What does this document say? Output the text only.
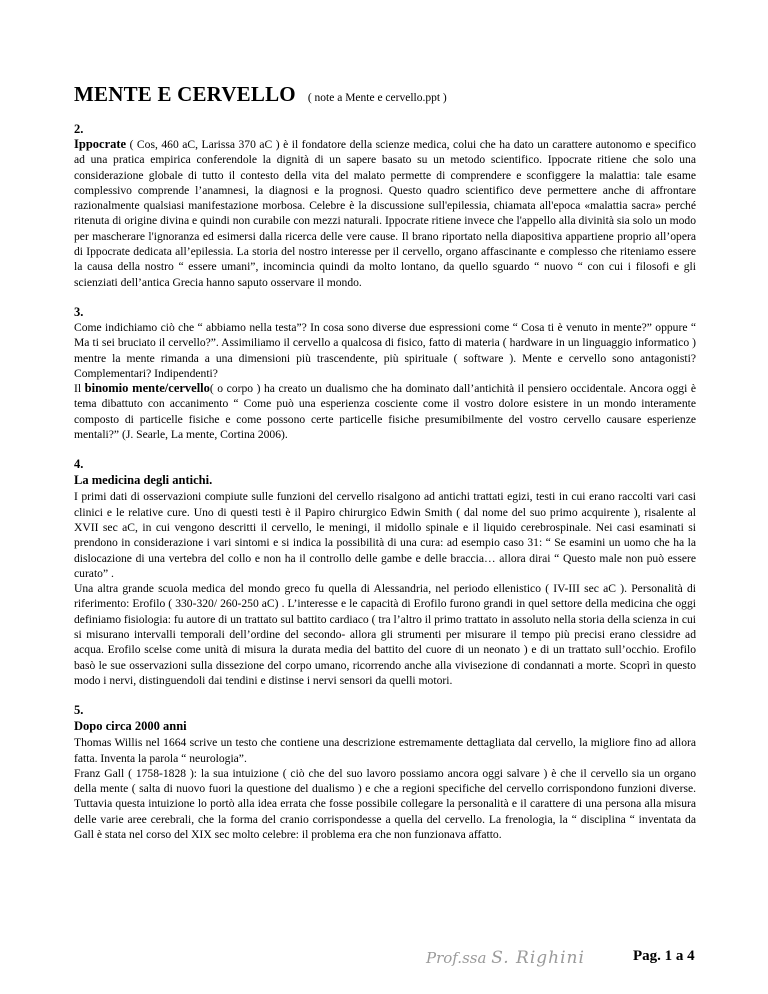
MENTE E CERVELLO ( note a Mente e cervello.ppt )

2.

Ippocrate ( Cos, 460 aC, Larissa 370 aC ) è il fondatore della scienze medica, colui che ha dato un carattere autonomo e specifico ad una pratica empirica conferendole la dignità di un sapere basato su un metodo scientifico. Ippocrate ritiene che solo una considerazione globale di tutto il contesto della vita del malato permette di comprendere e sconfiggere la malattia: tale esame complessivo comprende l’anamnesi, la diagnosi e la prognosi. Questo quadro scientifico deve permettere anche di affrontare razionalmente qualsiasi manifestazione morbosa. Celebre è la discussione sull'epilessia, chiamata all'epoca «malattia sacra» perché ritenuta di origine divina e quindi non curabile con mezzi naturali. Ippocrate ritiene invece che l'appello alla divinità sia solo un modo per mascherare l'ignoranza ed esimersi dalla ricerca delle vere cause. Il brano riportato nella diapositiva appartiene proprio all’opera di Ippocrate dedicata all’epilessia. La storia del nostro interesse per il cervello, organo affascinante e complesso che riteniamo essere la causa della nostro “ essere umani”, incomincia quindi da molto lontano, da quello sguardo “ nuovo “ con cui i filosofi e gli scienziati dell’antica Grecia hanno saputo osservare il mondo.

3.

Come indichiamo ciò che “ abbiamo nella testa”? In cosa sono diverse due espressioni come “ Cosa ti è venuto in mente?” oppure “ Ma ti sei bruciato il cervello?”. Assimiliamo il cervello a qualcosa di fisico, fatto di materia ( hardware in un linguaggio informatico ) mentre la mente rimanda a una dimensioni più trascendente, più spirituale ( software ). Mente e cervello sono antagonisti? Complementari? Indipendenti?

Il binomio mente/cervello( o corpo ) ha creato un dualismo che ha dominato dall’antichità il pensiero occidentale. Ancora oggi è tema dibattuto con accanimento “ Come può una esperienza cosciente come il vostro dolore esistere in un mondo interamente composto di particelle fisiche e come possono certe particelle fisiche presumibilmente del vostro cervello causare esperienze mentali?” (J. Searle, La mente, Cortina 2006).

4.

La medicina degli antichi.

I primi dati di osservazioni compiute sulle funzioni del cervello risalgono ad antichi trattati egizi, testi in cui erano raccolti vari casi clinici e le relative cure. Uno di questi testi è il Papiro chirurgico Edwin Smith ( dal nome del suo primo acquirente ), risalente al XVII sec aC, in cui vengono descritti il cervello, le meningi, il midollo spinale e il liquido cerebrospinale. Nei casi esaminati si prendono in considerazione i vari sintomi e si indica la possibilità di una cura: ad esempio caso 31: “ Se esamini un uomo che ha la dislocazione di una vertebra del collo e non ha il controllo delle gambe e delle braccia… allora dirai “ Questo male non può essere curato” .

Una altra grande scuola medica del mondo greco fu quella di Alessandria, nel periodo ellenistico ( IV-III sec aC ). Personalità di riferimento: Erofilo ( 330-320/ 260-250 aC) . L’interesse e le capacità di Erofilo furono grandi in quel settore della medicina che oggi definiamo fisiologia: fu autore di un trattato sul battito cardiaco ( tra l’altro il primo trattato in assoluto nella storia della scienza in cui si misurano intervalli temporali dell’ordine del secondo- allora gli strumenti per misurare il tempo più precisi erano clessidre ad acqua. Erofilo scelse come unità di misura la durata media del battito del cuore di un neonato ) e di un trattato sull’occhio. Erofilo basò le sue osservazioni sulla dissezione del corpo umano, ricorrendo anche alla vivisezione di condannati a morte. Scoprì in questo modo i nervi, distinguendoli dai tendini e distinse i nervi sensori da quelli motori.

5.

Dopo circa 2000 anni

Thomas Willis nel 1664 scrive un testo che contiene una descrizione estremamente dettagliata dal cervello, la migliore fino ad allora fatta. Inventa la parola “ neurologia”.

Franz Gall ( 1758-1828 ): la sua intuizione ( ciò che del suo lavoro possiamo ancora oggi salvare ) è che il cervello sia un organo della mente ( salta di nuovo fuori la questione del dualismo ) e che a regioni specifiche del cervello corrispondono funzioni diverse. Tuttavia questa intuizione lo portò alla idea errata che fosse possibile collegare la personalità e il carattere di una persona alla misura delle varie aree cerebrali, che la forma del cranio corrispondesse a quella del cervello. La frenologia, la “ disciplina “ inventata da Gall è stata nel corso del XIX sec molto celebre: il problema era che non funzionava affatto.

Prof.ssa S. Righini	Pag. 1 a 4
